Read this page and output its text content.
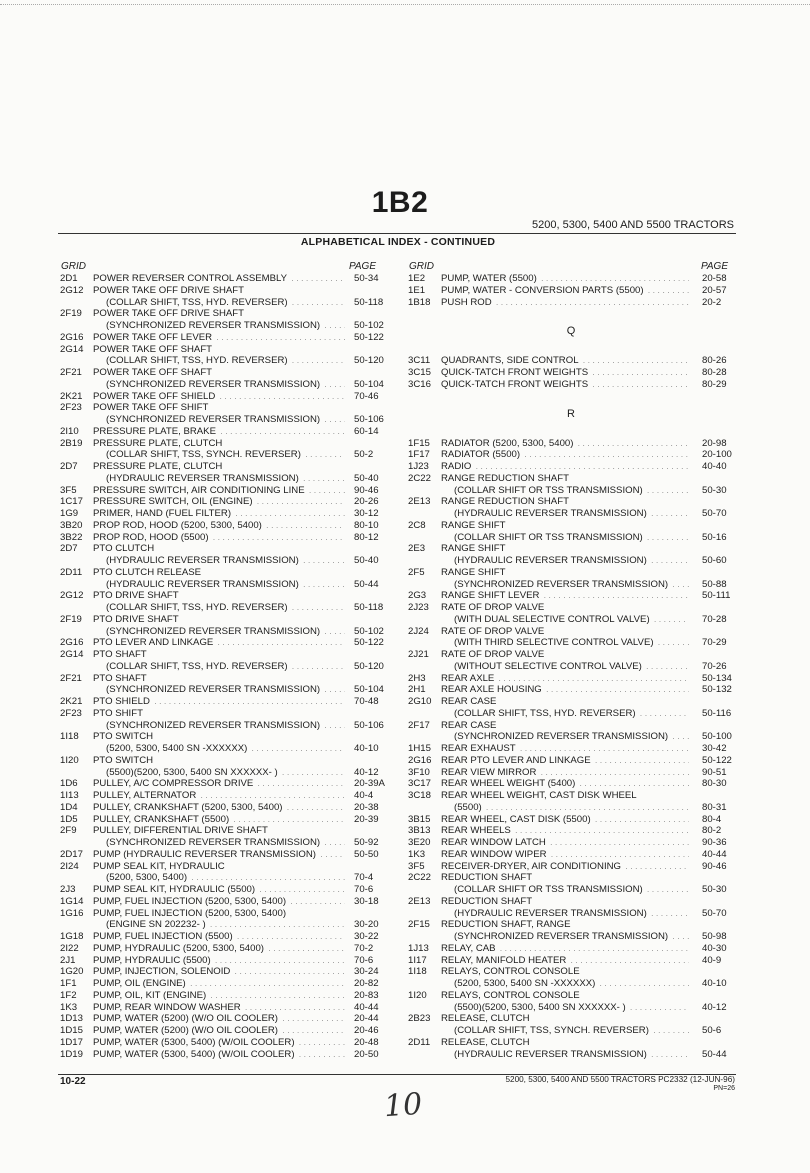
1B2
5200, 5300, 5400 AND 5500 TRACTORS
ALPHABETICAL INDEX - CONTINUED
GRID	PAGE
2D1	POWER REVERSER CONTROL ASSEMBLY . . .	50-34
2G12 POWER TAKE OFF DRIVE SHAFT
(COLLAR SHIFT, TSS, HYD. REVERSER) . . .	50-118
2F19	POWER TAKE OFF DRIVE SHAFT
(SYNCHRONIZED REVERSER TRANSMISSION) . . .	50-102
2G16 POWER TAKE OFF LEVER . . .	50-122
2G14 POWER TAKE OFF SHAFT
(COLLAR SHIFT, TSS, HYD. REVERSER) . . .	50-120
2F21	POWER TAKE OFF SHAFT
(SYNCHRONIZED REVERSER TRANSMISSION) . . .	50-104
2K21	POWER TAKE OFF SHIELD . . .	70-46
2F23	POWER TAKE OFF SHIFT
(SYNCHRONIZED REVERSER TRANSMISSION) . . .	50-106
2I10	PRESSURE PLATE, BRAKE . . .	60-14
2B19	PRESSURE PLATE, CLUTCH
(COLLAR SHIFT, TSS, SYNCH. REVERSER) . . .	50-2
2D7	PRESSURE PLATE, CLUTCH
(HYDRAULIC REVERSER TRANSMISSION) . . .	50-40
3F5	PRESSURE SWITCH, AIR CONDITIONING LINE . . .	90-46
1C17	PRESSURE SWITCH, OIL (ENGINE) . . .	20-26
1G9	PRIMER, HAND (FUEL FILTER) . . .	30-12
3B20	PROP ROD, HOOD (5200, 5300, 5400) . . .	80-10
3B22	PROP ROD, HOOD (5500) . . .	80-12
2D7	PTO CLUTCH
(HYDRAULIC REVERSER TRANSMISSION) . . .	50-40
2D11	PTO CLUTCH RELEASE
(HYDRAULIC REVERSER TRANSMISSION) . . .	50-44
2G12 PTO DRIVE SHAFT
(COLLAR SHIFT, TSS, HYD. REVERSER) . . .	50-118
2F19	PTO DRIVE SHAFT
(SYNCHRONIZED REVERSER TRANSMISSION) . . .	50-102
2G16 PTO LEVER AND LINKAGE . . .	50-122
2G14 PTO SHAFT
(COLLAR SHIFT, TSS, HYD. REVERSER) . . .	50-120
2F21	PTO SHAFT
(SYNCHRONIZED REVERSER TRANSMISSION) . . .	50-104
2K21	PTO SHIELD . . .	70-48
2F23	PTO SHIFT
(SYNCHRONIZED REVERSER TRANSMISSION) . . .	50-106
1I18	PTO SWITCH
(5200, 5300, 5400 SN -XXXXXX) . . .	40-10
1I20	PTO SWITCH
(5500)(5200, 5300, 5400 SN XXXXXX- ) . . .	40-12
1D6	PULLEY, A/C COMPRESSOR DRIVE . . .	20-39A
1I13	PULLEY, ALTERNATOR . . .	40-4
1D4	PULLEY, CRANKSHAFT (5200, 5300, 5400) . . .	20-38
1D5	PULLEY, CRANKSHAFT (5500) . . .	20-39
2F9	PULLEY, DIFFERENTIAL DRIVE SHAFT
(SYNCHRONIZED REVERSER TRANSMISSION) . . .	50-92
2D17	PUMP (HYDRAULIC REVERSER TRANSMISSION) . . .	50-50
2I24	PUMP SEAL KIT, HYDRAULIC
(5200, 5300, 5400) . . .	70-4
2J3	PUMP SEAL KIT, HYDRAULIC (5500) . . .	70-6
1G14 PUMP, FUEL INJECTION (5200, 5300, 5400) . . .	30-18
1G16 PUMP, FUEL INJECTION (5200, 5300, 5400)
(ENGINE SN 202232- ) . . .	30-20
1G18 PUMP, FUEL INJECTION (5500) . . .	30-22
2I22	PUMP, HYDRAULIC (5200, 5300, 5400) . . .	70-2
2J1	PUMP, HYDRAULIC (5500) . . .	70-6
1G20 PUMP, INJECTION, SOLENOID . . .	30-24
1F1	PUMP, OIL (ENGINE) . . .	20-82
1F2	PUMP, OIL, KIT (ENGINE) . . .	20-83
1K3	PUMP, REAR WINDOW WASHER . . .	40-44
1D13	PUMP, WATER (5200) (W/O OIL COOLER) . . .	20-44
1D15	PUMP, WATER (5200) (W/O OIL COOLER) . . .	20-46
1D17	PUMP, WATER (5300, 5400) (W/OIL COOLER) . . .	20-48
1D19	PUMP, WATER (5300, 5400) (W/OIL COOLER) . . .	20-50
GRID	PAGE
1E2	PUMP, WATER (5500) . . .	20-58
1E1	PUMP, WATER - CONVERSION PARTS (5500) . . .	20-57
1B18	PUSH ROD . . .	20-2
Q
3C11	QUADRANTS, SIDE CONTROL . . .	80-26
3C15	QUICK-TATCH FRONT WEIGHTS . . .	80-28
3C16	QUICK-TATCH FRONT WEIGHTS . . .	80-29
R
1F15	RADIATOR (5200, 5300, 5400) . . .	20-98
1F17	RADIATOR (5500) . . .	20-100
1J23	RADIO . . .	40-40
2C22	RANGE REDUCTION SHAFT
(COLLAR SHIFT OR TSS TRANSMISSION) . . .	50-30
2E13	RANGE REDUCTION SHAFT
(HYDRAULIC REVERSER TRANSMISSION) . . .	50-70
2C8	RANGE SHIFT
(COLLAR SHIFT OR TSS TRANSMISSION) . . .	50-16
2E3	RANGE SHIFT
(HYDRAULIC REVERSER TRANSMISSION) . . .	50-60
2F5	RANGE SHIFT
(SYNCHRONIZED REVERSER TRANSMISSION) . . .	50-88
2G3	RANGE SHIFT LEVER . . .	50-111
2J23	RATE OF DROP VALVE
(WITH DUAL SELECTIVE CONTROL VALVE) . . .	70-28
2J24	RATE OF DROP VALVE
(WITH THIRD SELECTIVE CONTROL VALVE) . . .	70-29
2J21	RATE OF DROP VALVE
(WITHOUT SELECTIVE CONTROL VALVE) . . .	70-26
2H3	REAR AXLE . . .	50-134
2H1	REAR AXLE HOUSING . . .	50-132
2G10 REAR CASE
(COLLAR SHIFT, TSS, HYD. REVERSER) . . .	50-116
2F17	REAR CASE
(SYNCHRONIZED REVERSER TRANSMISSION) . . .	50-100
1H15	REAR EXHAUST . . .	30-42
2G16 REAR PTO LEVER AND LINKAGE . . .	50-122
3F10	REAR VIEW MIRROR . . .	90-51
3C17	REAR WHEEL WEIGHT (5400) . . .	80-30
3C18	REAR WHEEL WEIGHT, CAST DISK WHEEL
(5500) . . .	80-31
3B15	REAR WHEEL, CAST DISK (5500) . . .	80-4
3B13	REAR WHEELS . . .	80-2
3E20	REAR WINDOW LATCH . . .	90-36
1K3	REAR WINDOW WIPER . . .	40-44
3F5	RECEIVER-DRYER, AIR CONDITIONING . . .	90-46
2C22	REDUCTION SHAFT
(COLLAR SHIFT OR TSS TRANSMISSION) . . .	50-30
2E13	REDUCTION SHAFT
(HYDRAULIC REVERSER TRANSMISSION) . . .	50-70
2F15	REDUCTION SHAFT, RANGE
(SYNCHRONIZED REVERSER TRANSMISSION) . . .	50-98
1J13	RELAY, CAB . . .	40-30
1I17	RELAY, MANIFOLD HEATER . . .	40-9
1I18	RELAYS, CONTROL CONSOLE
(5200, 5300, 5400 SN -XXXXXX) . . .	40-10
1I20	RELAYS, CONTROL CONSOLE
(5500)(5200, 5300, 5400 SN XXXXXX- ) . . .	40-12
2B23	RELEASE, CLUTCH
(COLLAR SHIFT, TSS, SYNCH. REVERSER) . . .	50-6
2D11	RELEASE, CLUTCH
(HYDRAULIC REVERSER TRANSMISSION) . . .	50-44
10-22	5200, 5300, 5400 AND 5500 TRACTORS PC2332 (12-JUN-96)
PN=26
10
